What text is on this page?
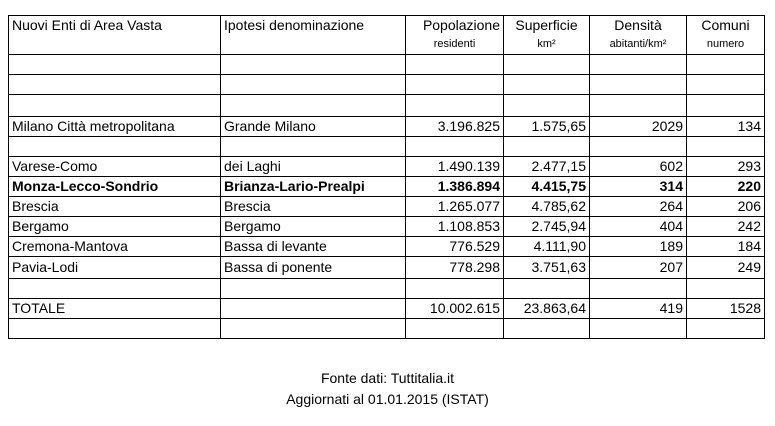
Nuovi Enti di Area Vasta	Ipotesi denominazione	Popolazione	Superficie	Densità	Comuni
		residenti	km²	abitanti/km²	numero

Milano Città metropolitana	Grande Milano	3.196.825	1.575,65	2029	134

Varese-Como	dei Laghi	1.490.139	2.477,15	602	293
Monza-Lecco-Sondrio	Brianza-Lario-Prealpi	1.386.894	4.415,75	314	220
Brescia	Brescia	1.265.077	4.785,62	264	206
Bergamo	Bergamo	1.108.853	2.745,94	404	242
Cremona-Mantova	Bassa di levante	776.529	4.111,90	189	184
Pavia-Lodi	Bassa di ponente	778.298	3.751,63	207	249

TOTALE		10.002.615	23.863,64	419	1528

Fonte dati: Tuttitalia.it
Aggiornati al 01.01.2015 (ISTAT)
